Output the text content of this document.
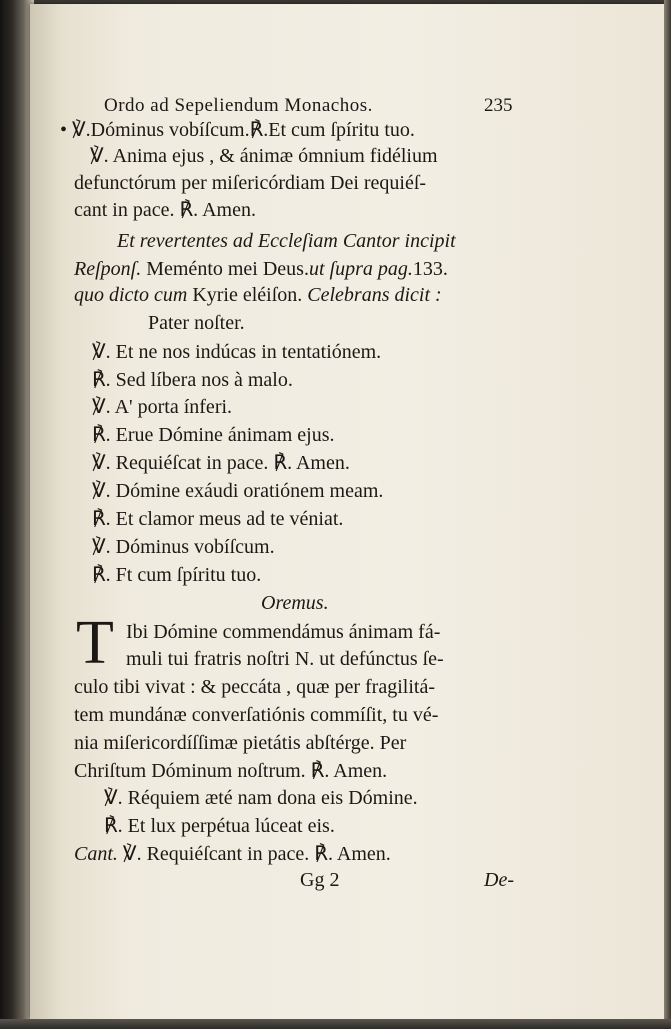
Ordo ad Sepeliendum Monachos.	235
• ℣.Dóminus vobíſcum.℟.Et cum ſpíritu tuo.
℣. Anima ejus , & ánimæ ómnium fidélium
defunctórum per miſericórdiam Dei requiéſ-
cant in pace. ℟. Amen.
Et revertentes ad Eccleſiam Cantor incipit
Reſponſ. Meménto mei Deus.ut ſupra pag.133.
quo dicto cum Kyrie eléiſon. Celebrans dicit :
Pater noſter.
℣. Et ne nos indúcas in tentatiónem.
℟. Sed líbera nos à malo.
℣. A' porta ínferi.
℟. Erue Dómine ánimam ejus.
℣. Requiéſcat in pace. ℟. Amen.
℣. Dómine exáudi oratiónem meam.
℟. Et clamor meus ad te véniat.
℣. Dóminus vobíſcum.
℟. Ft cum ſpíritu tuo.
Oremus.
T Ibi Dómine commendámus ánimam fá-
muli tui fratris noſtri N. ut defúnctus ſe-
culo tibi vivat : & peccáta , quæ per fragilitá-
tem mundánæ converſatiónis commíſit, tu vé-
nia miſericordíſſimæ pietátis abſtérge. Per
Chriſtum Dóminum noſtrum. ℟. Amen.
℣. Réquiem æté nam dona eis Dómine.
℟. Et lux perpétua lúceat eis.
Cant. ℣. Requiéſcant in pace. ℟. Amen.
Gg 2	De-
